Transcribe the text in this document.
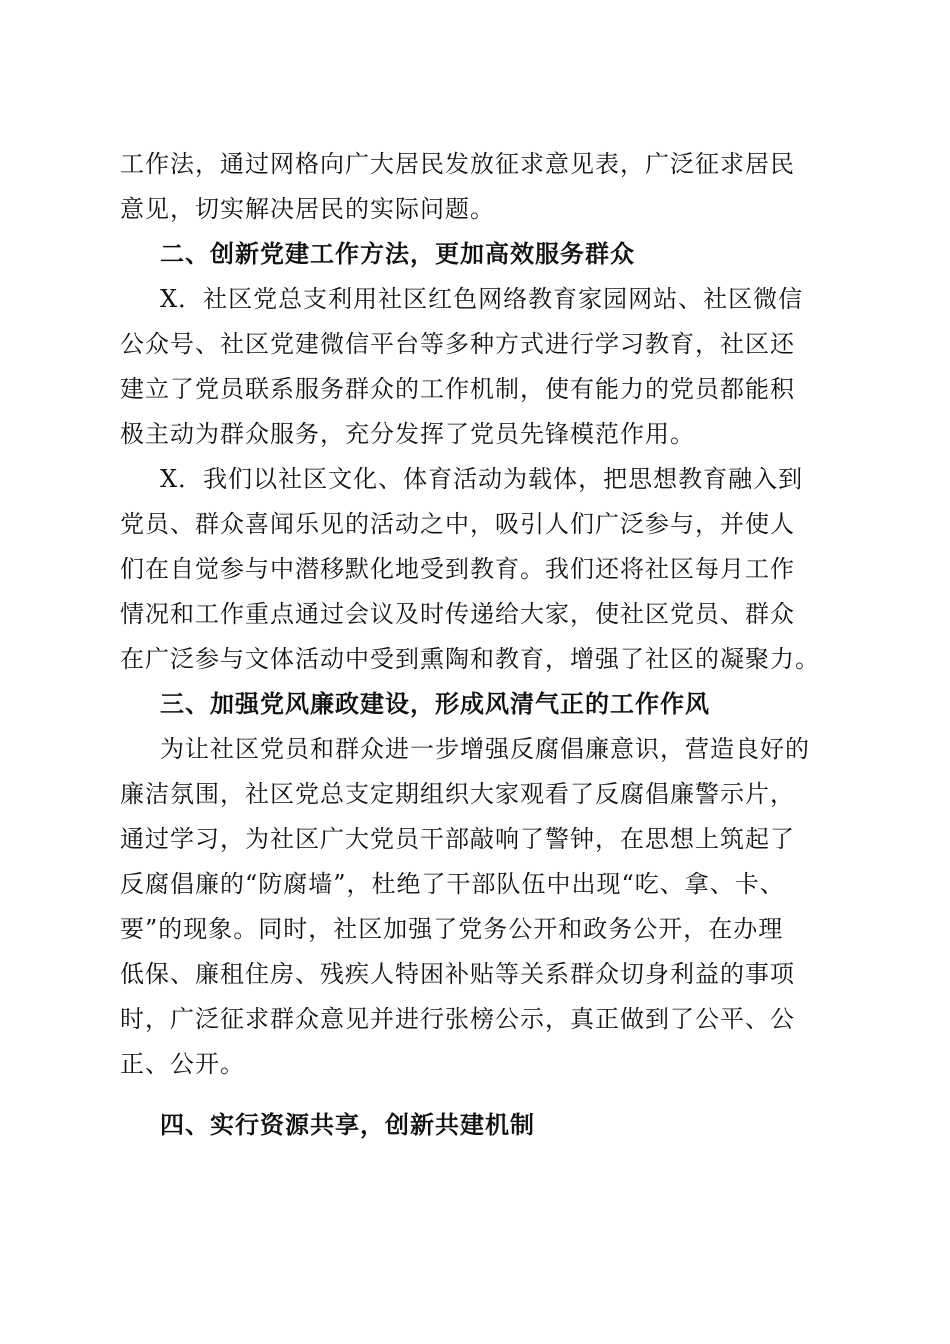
工作法，通过网格向广大居民发放征求意见表，广泛征求居民
意见，切实解决居民的实际问题。
二、创新党建工作方法，更加高效服务群众
X．社区党总支利用社区红色网络教育家园网站、社区微信
公众号、社区党建微信平台等多种方式进行学习教育，社区还
建立了党员联系服务群众的工作机制，使有能力的党员都能积
极主动为群众服务，充分发挥了党员先锋模范作用。
X．我们以社区文化、体育活动为载体，把思想教育融入到
党员、群众喜闻乐见的活动之中，吸引人们广泛参与，并使人
们在自觉参与中潜移默化地受到教育。我们还将社区每月工作
情况和工作重点通过会议及时传递给大家，使社区党员、群众
在广泛参与文体活动中受到熏陶和教育，增强了社区的凝聚力。
三、加强党风廉政建设，形成风清气正的工作作风
为让社区党员和群众进一步增强反腐倡廉意识，营造良好的
廉洁氛围，社区党总支定期组织大家观看了反腐倡廉警示片，
通过学习，为社区广大党员干部敲响了警钟，在思想上筑起了
反腐倡廉的“防腐墙”，杜绝了干部队伍中出现“吃、拿、卡、
要”的现象。同时，社区加强了党务公开和政务公开，在办理
低保、廉租住房、残疾人特困补贴等关系群众切身利益的事项
时，广泛征求群众意见并进行张榜公示，真正做到了公平、公
正、公开。
四、实行资源共享，创新共建机制
